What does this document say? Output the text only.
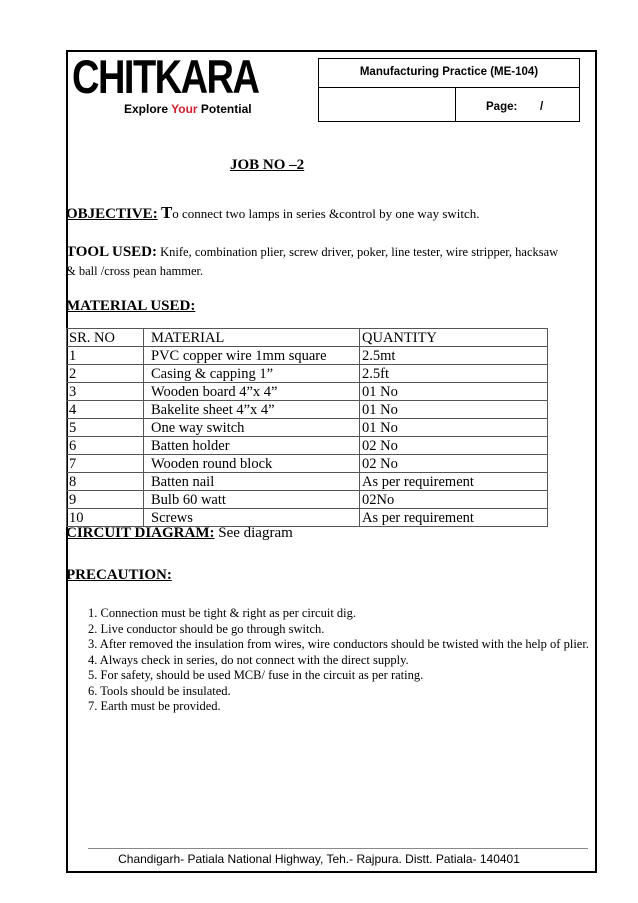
CHITKARA
Explore Your Potential
Manufacturing Practice (ME-104)
Page: /
JOB NO –2
OBJECTIVE: To connect two lamps in series &control by one way switch.
TOOL USED: Knife, combination plier, screw driver, poker, line tester, wire stripper, hacksaw
& ball /cross pean hammer.
MATERIAL USED:
SR. NO	MATERIAL	QUANTITY
1	PVC copper wire 1mm square	2.5mt
2	Casing & capping 1”	2.5ft
3	Wooden board 4”x 4”	01 No
4	Bakelite sheet 4”x 4”	01 No
5	One way switch	01 No
6	Batten holder	02 No
7	Wooden round block	02 No
8	Batten nail	As per requirement
9	Bulb 60 watt	02No
10	Screws	As per requirement
CIRCUIT DIAGRAM: See diagram
PRECAUTION:
1. Connection must be tight & right as per circuit dig.
2. Live conductor should be go through switch.
3. After removed the insulation from wires, wire conductors should be twisted with the help of plier.
4. Always check in series, do not connect with the direct supply.
5. For safety, should be used MCB/ fuse in the circuit as per rating.
6. Tools should be insulated.
7. Earth must be provided.
Chandigarh- Patiala National Highway, Teh.- Rajpura. Distt. Patiala- 140401
